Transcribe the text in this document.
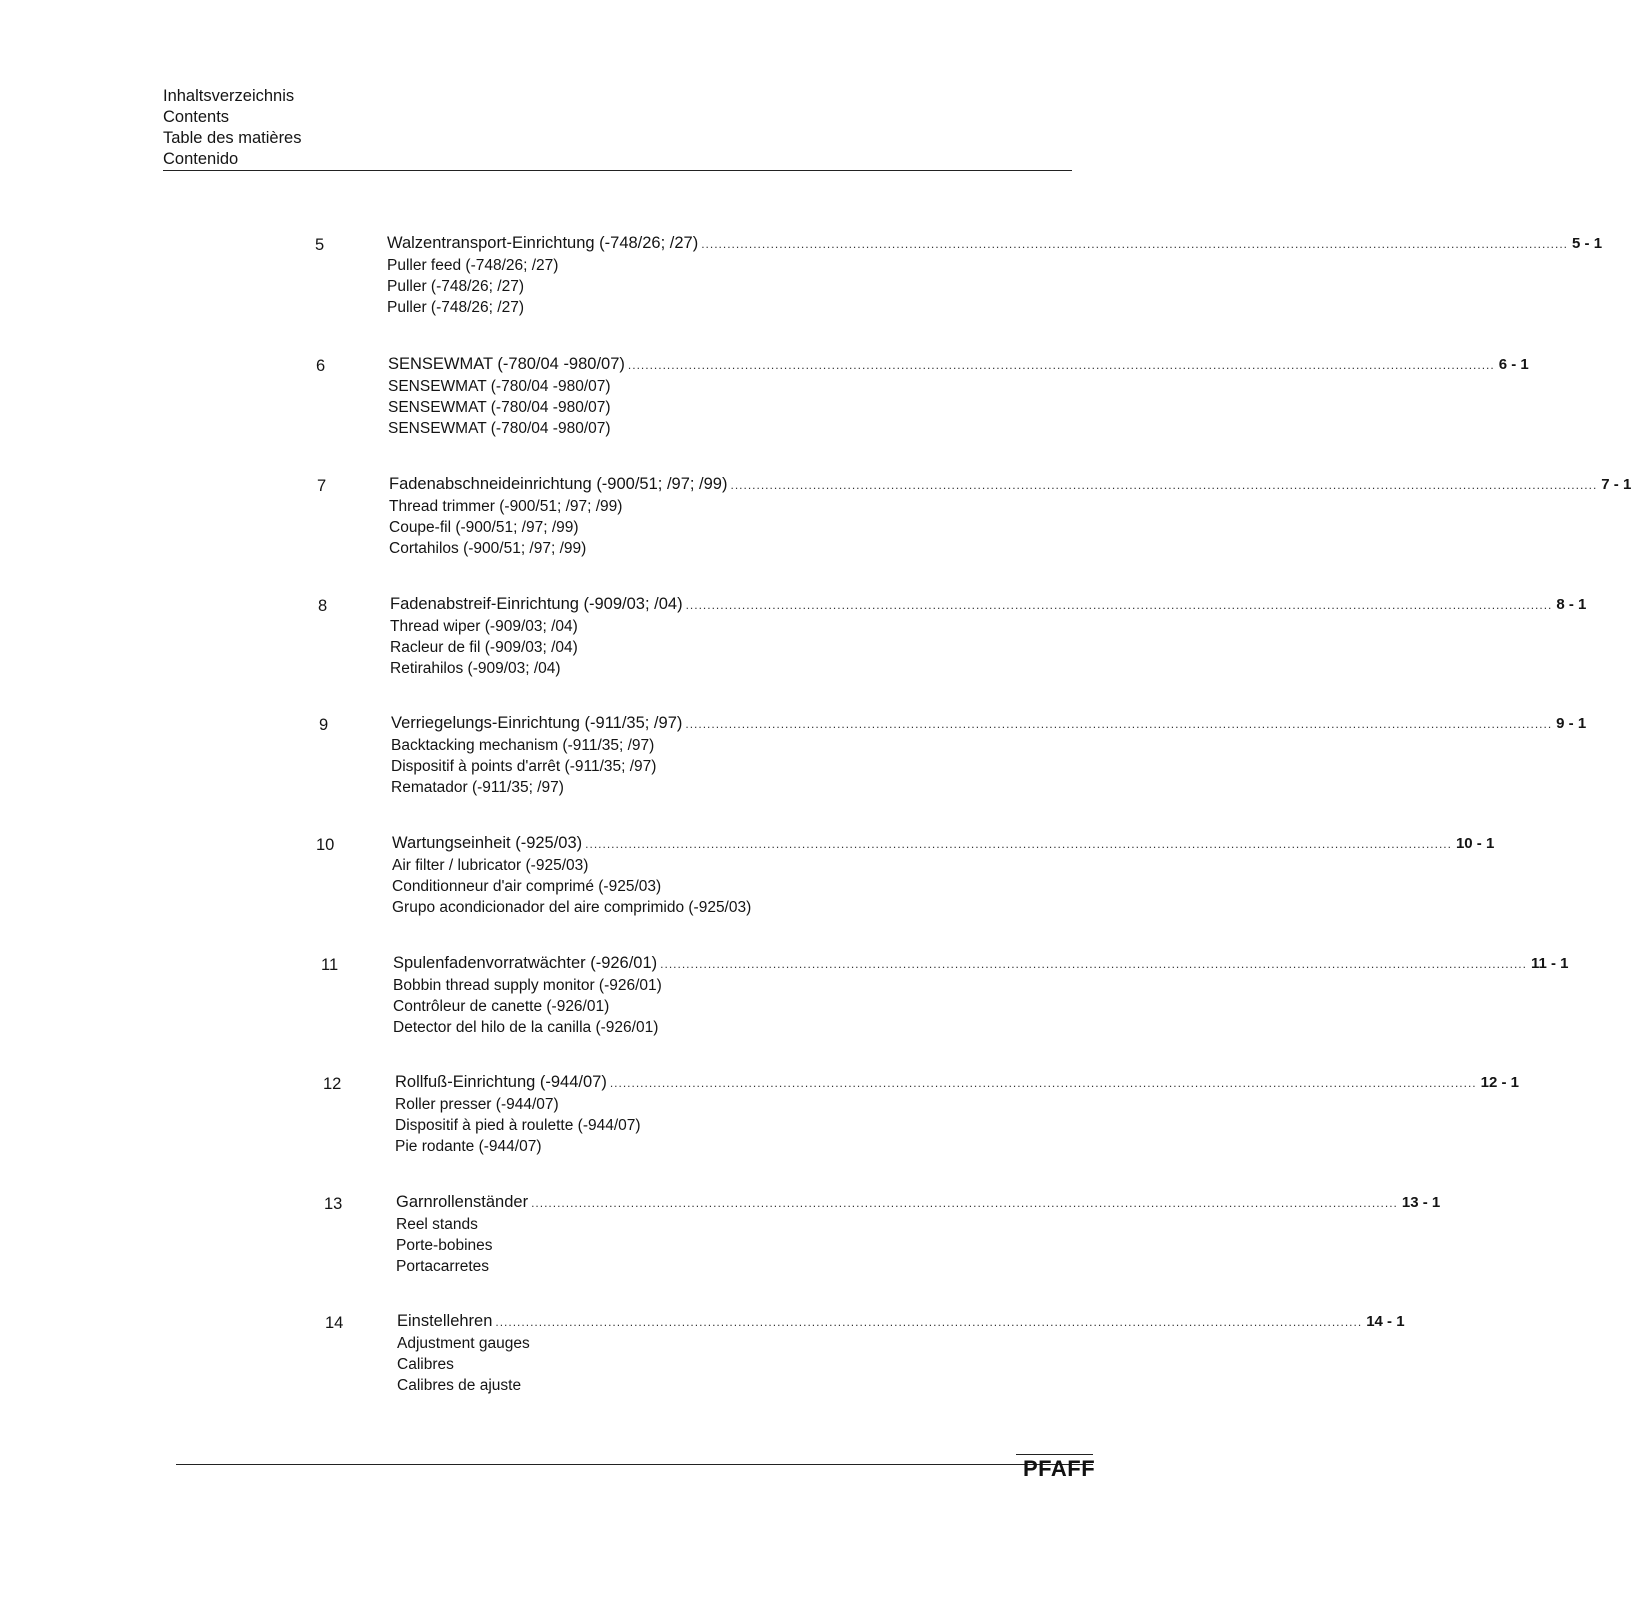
Inhaltsverzeichnis
Contents
Table des matières
Contenido
5	Walzentransport-Einrichtung (-748/26; /27) ........................................................................................................................................................................................................ 5 - 1
Puller feed (-748/26; /27)
Puller (-748/26; /27)
Puller (-748/26; /27)
6	SENSEWMAT (-780/04 -980/07) ........................................................................................................................................................................................................ 6 - 1
SENSEWMAT (-780/04 -980/07)
SENSEWMAT (-780/04 -980/07)
SENSEWMAT (-780/04 -980/07)
7	Fadenabschneideinrichtung (-900/51; /97; /99) ........................................................................................................................................................................................................ 7 - 1
Thread trimmer (-900/51; /97; /99)
Coupe-fil (-900/51; /97; /99)
Cortahilos (-900/51; /97; /99)
8	Fadenabstreif-Einrichtung (-909/03; /04) ........................................................................................................................................................................................................ 8 - 1
Thread wiper (-909/03; /04)
Racleur de fil (-909/03; /04)
Retirahilos (-909/03; /04)
9	Verriegelungs-Einrichtung (-911/35; /97) ........................................................................................................................................................................................................ 9 - 1
Backtacking mechanism (-911/35; /97)
Dispositif à points d'arrêt (-911/35; /97)
Rematador (-911/35; /97)
10	Wartungseinheit (-925/03) ........................................................................................................................................................................................................ 10 - 1
Air filter / lubricator (-925/03)
Conditionneur d'air comprimé (-925/03)
Grupo acondicionador del aire comprimido (-925/03)
11	Spulenfadenvorratwächter (-926/01) ........................................................................................................................................................................................................ 11 - 1
Bobbin thread supply monitor (-926/01)
Contrôleur de canette (-926/01)
Detector del hilo de la canilla (-926/01)
12	Rollfuß-Einrichtung (-944/07) ........................................................................................................................................................................................................ 12 - 1
Roller presser (-944/07)
Dispositif à pied à roulette (-944/07)
Pie rodante (-944/07)
13	Garnrollenständer ........................................................................................................................................................................................................ 13 - 1
Reel stands
Porte-bobines
Portacarretes
14	Einstellehren ........................................................................................................................................................................................................ 14 - 1
Adjustment gauges
Calibres
Calibres de ajuste
PFAFF
